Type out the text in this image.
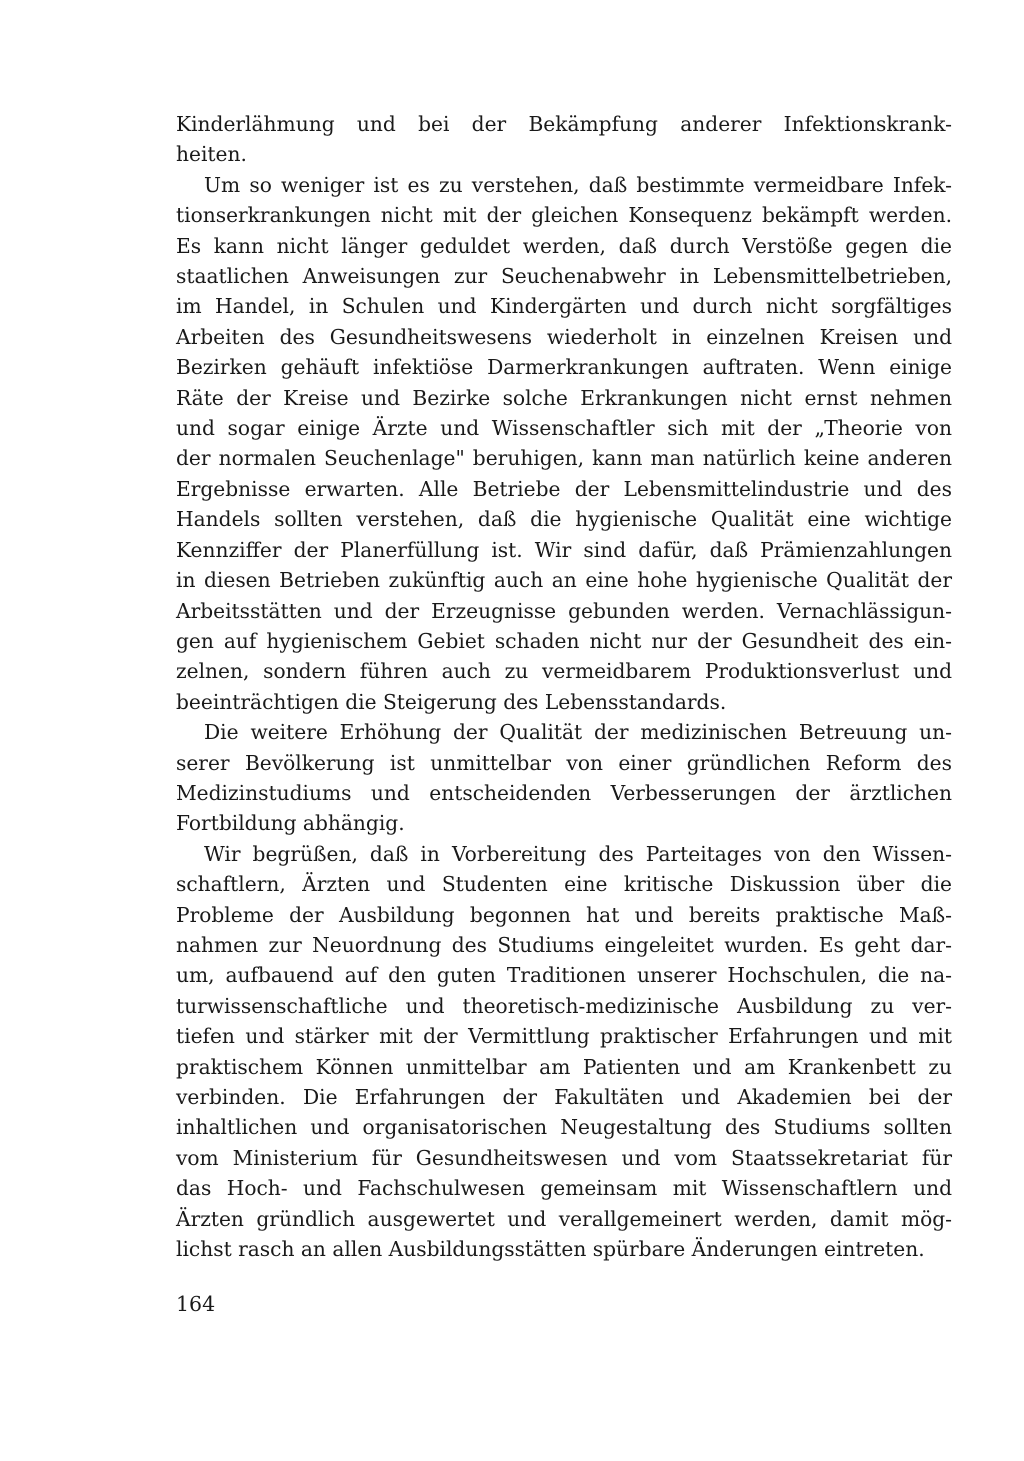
Kinderlähmung und bei der Bekämpfung anderer Infektionskrank-
heiten.
Um so weniger ist es zu verstehen, daß bestimmte vermeidbare Infek-
tionserkrankungen nicht mit der gleichen Konsequenz bekämpft werden.
Es kann nicht länger geduldet werden, daß durch Verstöße gegen die
staatlichen Anweisungen zur Seuchenabwehr in Lebensmittelbetrieben,
im Handel, in Schulen und Kindergärten und durch nicht sorgfältiges
Arbeiten des Gesundheitswesens wiederholt in einzelnen Kreisen und
Bezirken gehäuft infektiöse Darmerkrankungen auftraten. Wenn einige
Räte der Kreise und Bezirke solche Erkrankungen nicht ernst nehmen
und sogar einige Ärzte und Wissenschaftler sich mit der „Theorie von
der normalen Seuchenlage" beruhigen, kann man natürlich keine anderen
Ergebnisse erwarten. Alle Betriebe der Lebensmittelindustrie und des
Handels sollten verstehen, daß die hygienische Qualität eine wichtige
Kennziffer der Planerfüllung ist. Wir sind dafür, daß Prämienzahlungen
in diesen Betrieben zukünftig auch an eine hohe hygienische Qualität der
Arbeitsstätten und der Erzeugnisse gebunden werden. Vernachlässigun-
gen auf hygienischem Gebiet schaden nicht nur der Gesundheit des ein-
zelnen, sondern führen auch zu vermeidbarem Produktionsverlust und
beeinträchtigen die Steigerung des Lebensstandards.
Die weitere Erhöhung der Qualität der medizinischen Betreuung un-
serer Bevölkerung ist unmittelbar von einer gründlichen Reform des
Medizinstudiums und entscheidenden Verbesserungen der ärztlichen
Fortbildung abhängig.
Wir begrüßen, daß in Vorbereitung des Parteitages von den Wissen-
schaftlern, Ärzten und Studenten eine kritische Diskussion über die
Probleme der Ausbildung begonnen hat und bereits praktische Maß-
nahmen zur Neuordnung des Studiums eingeleitet wurden. Es geht dar-
um, aufbauend auf den guten Traditionen unserer Hochschulen, die na-
turwissenschaftliche und theoretisch-medizinische Ausbildung zu ver-
tiefen und stärker mit der Vermittlung praktischer Erfahrungen und mit
praktischem Können unmittelbar am Patienten und am Krankenbett zu
verbinden. Die Erfahrungen der Fakultäten und Akademien bei der
inhaltlichen und organisatorischen Neugestaltung des Studiums sollten
vom Ministerium für Gesundheitswesen und vom Staatssekretariat für
das Hoch- und Fachschulwesen gemeinsam mit Wissenschaftlern und
Ärzten gründlich ausgewertet und verallgemeinert werden, damit mög-
lichst rasch an allen Ausbildungsstätten spürbare Änderungen eintreten.
164
